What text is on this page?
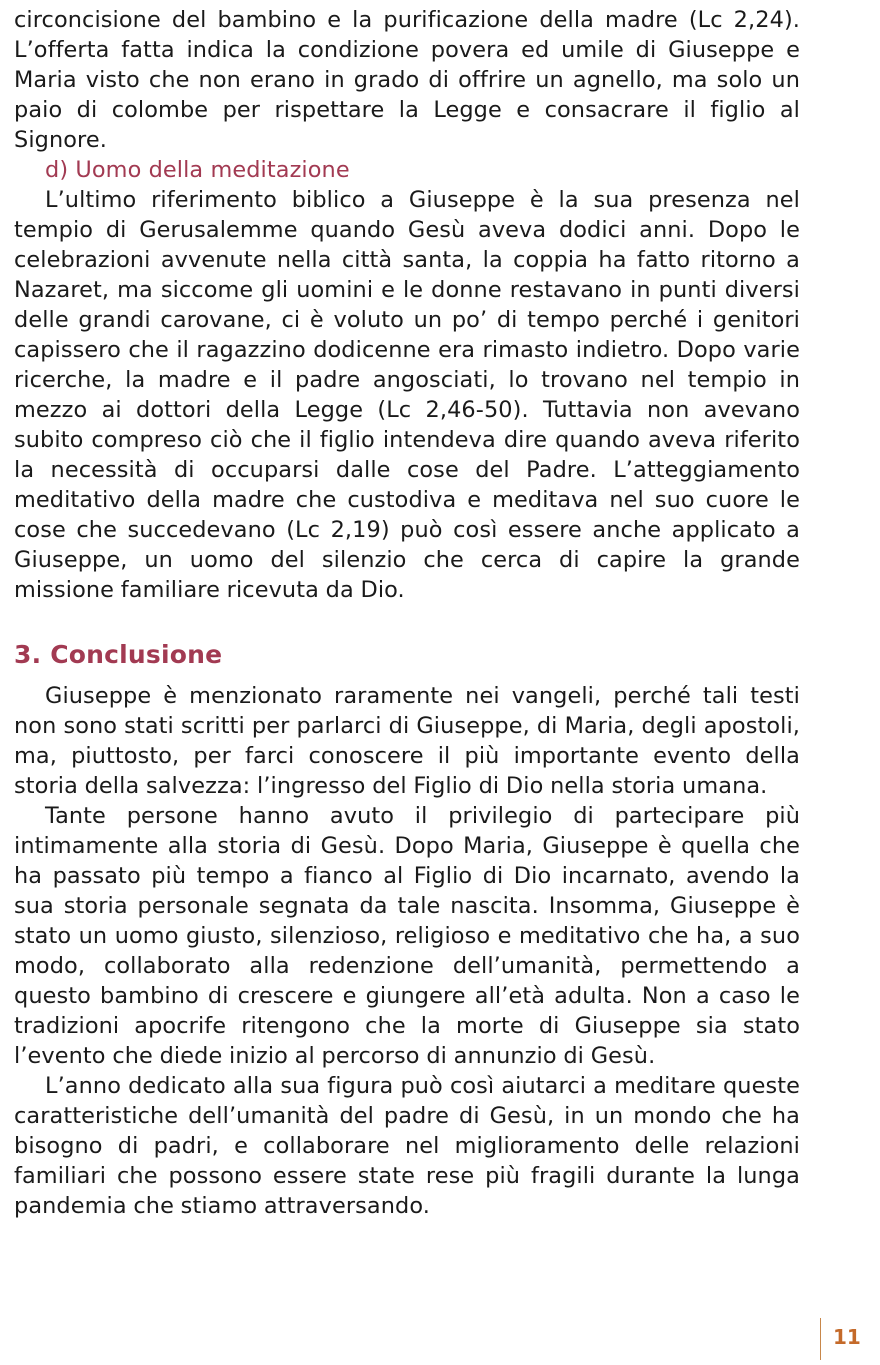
circoncisione del bambino e la purificazione della madre (Lc 2,24). L’offerta fatta indica la condizione povera ed umile di Giuseppe e Maria visto che non erano in grado di offrire un agnello, ma solo un paio di colombe per rispettare la Legge e consacrare il figlio al Signore.

d) Uomo della meditazione

L’ultimo riferimento biblico a Giuseppe è la sua presenza nel tempio di Gerusalemme quando Gesù aveva dodici anni. Dopo le celebrazioni avvenute nella città santa, la coppia ha fatto ritorno a Nazaret, ma siccome gli uomini e le donne restavano in punti diversi delle grandi carovane, ci è voluto un po’ di tempo perché i genitori capissero che il ragazzino dodicenne era rimasto indietro. Dopo varie ricerche, la madre e il padre angosciati, lo trovano nel tempio in mezzo ai dottori della Legge (Lc 2,46-50). Tuttavia non avevano subito compreso ciò che il figlio intendeva dire quando aveva riferito la necessità di occuparsi dalle cose del Padre. L’atteggiamento meditativo della madre che custodiva e meditava nel suo cuore le cose che succedevano (Lc 2,19) può così essere anche applicato a Giuseppe, un uomo del silenzio che cerca di capire la grande missione familiare ricevuta da Dio.

3. Conclusione

Giuseppe è menzionato raramente nei vangeli, perché tali testi non sono stati scritti per parlarci di Giuseppe, di Maria, degli apostoli, ma, piuttosto, per farci conoscere il più importante evento della storia della salvezza: l’ingresso del Figlio di Dio nella storia umana.

Tante persone hanno avuto il privilegio di partecipare più intimamente alla storia di Gesù. Dopo Maria, Giuseppe è quella che ha passato più tempo a fianco al Figlio di Dio incarnato, avendo la sua storia personale segnata da tale nascita. Insomma, Giuseppe è stato un uomo giusto, silenzioso, religioso e meditativo che ha, a suo modo, collaborato alla redenzione dell’umanità, permettendo a questo bambino di crescere e giungere all’età adulta. Non a caso le tradizioni apocrife ritengono che la morte di Giuseppe sia stato l’evento che diede inizio al percorso di annunzio di Gesù.

L’anno dedicato alla sua figura può così aiutarci a meditare queste caratteristiche dell’umanità del padre di Gesù, in un mondo che ha bisogno di padri, e collaborare nel miglioramento delle relazioni familiari che possono essere state rese più fragili durante la lunga pandemia che stiamo attraversando.

11
